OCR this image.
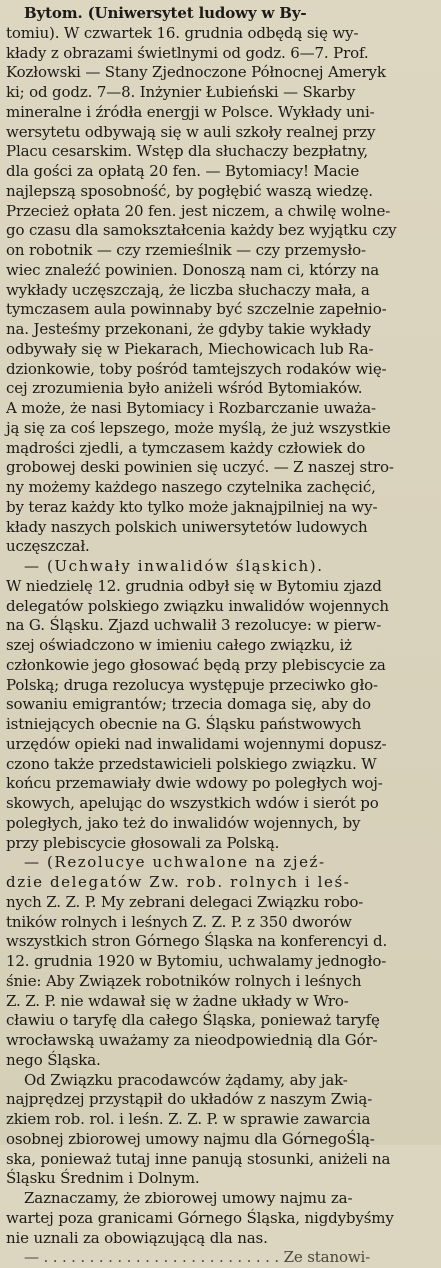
Bytom. (Uniwersytet ludowy w By-
tomiu). W czwartek 16. grudnia odbędą się wy-
kłady z obrazami świetlnymi od godz. 6—7. Prof.
Kozłowski — Stany Zjednoczone Północnej Ameryk
ki; od godz. 7—8. Inżynier Łubieński — Skarby
mineralne i źródła energji w Polsce. Wykłady uni-
wersytetu odbywają się w auli szkoły realnej przy
Placu cesarskim. Wstęp dla słuchaczy bezpłatny,
dla gości za opłatą 20 fen. — Bytomiacy! Macie
najlepszą sposobność, by pogłębić waszą wiedzę.
Przecież opłata 20 fen. jest niczem, a chwilę wolne-
go czasu dla samokształcenia każdy bez wyjątku czy
on robotnik — czy rzemieślnik — czy przemysło-
wiec znaleźć powinien. Donoszą nam ci, którzy na
wykłady uczęszczają, że liczba słuchaczy mała, a
tymczasem aula powinnaby być szczelnie zapełnio-
na. Jesteśmy przekonani, że gdyby takie wykłady
odbywały się w Piekarach, Miechowicach lub Ra-
dzionkowie, toby pośród tamtejszych rodaków wię-
cej zrozumienia było aniżeli wśród Bytomiaków.
A może, że nasi Bytomiacy i Rozbarczanie uważa-
ją się za coś lepszego, może myślą, że już wszystkie
mądrości zjedli, a tymczasem każdy człowiek do
grobowej deski powinien się uczyć. — Z naszej stro-
ny możemy każdego naszego czytelnika zachęcić,
by teraz każdy kto tylko może jaknajpilniej na wy-
kłady naszych polskich uniwersytetów ludowych
uczęszczał.
— (Uchwały inwalidów śląskich).
W niedzielę 12. grudnia odbył się w Bytomiu zjazd
delegatów polskiego związku inwalidów wojennych
na G. Śląsku. Zjazd uchwalił 3 rezolucye: w pierw-
szej oświadczono w imieniu całego związku, iż
członkowie jego głosować będą przy plebiscycie za
Polską; druga rezolucya występuje przeciwko gło-
sowaniu emigrantów; trzecia domaga się, aby do
istniejących obecnie na G. Śląsku państwowych
urzędów opieki nad inwalidami wojennymi dopusz-
czono także przedstawicieli polskiego związku. W
końcu przemawiały dwie wdowy po poległych woj-
skowych, apelując do wszystkich wdów i sierót po
poległych, jako też do inwalidów wojennych, by
przy plebiscycie głosowali za Polską.
— (Rezolucye uchwalone na zjeź-
dzie delegatów Zw. rob. rolnych i leś-
nych Z. Z. P. My zebrani delegaci Związku robo-
tników rolnych i leśnych Z. Z. P. z 350 dworów
wszystkich stron Górnego Śląska na konferencyi d.
12. grudnia 1920 w Bytomiu, uchwalamy jednogło-
śnie: Aby Związek robotników rolnych i leśnych
Z. Z. P. nie wdawał się w żadne układy w Wro-
cławiu o taryfę dla całego Śląska, ponieważ taryfę
wrocławską uważamy za nieodpowiednią dla Gór-
nego Śląska.
Od Związku pracodawców żądamy, aby jak-
najprędzej przystąpił do układów z naszym Zwią-
zkiem rob. rol. i leśn. Z. Z. P. w sprawie zawarcia
osobnej zbiorowej umowy najmu dla GórnegoŚlą-
ska, ponieważ tutaj inne panują stosunki, aniżeli na
Śląsku Średnim i Dolnym.
Zaznaczamy, że zbiorowej umowy najmu za-
wartej poza granicami Górnego Śląska, nigdybyśmy
nie uznali za obowiązującą dla nas.
— . . . . . . . . . . . . . . . . . . . . . . . . . . Ze stanowi-
